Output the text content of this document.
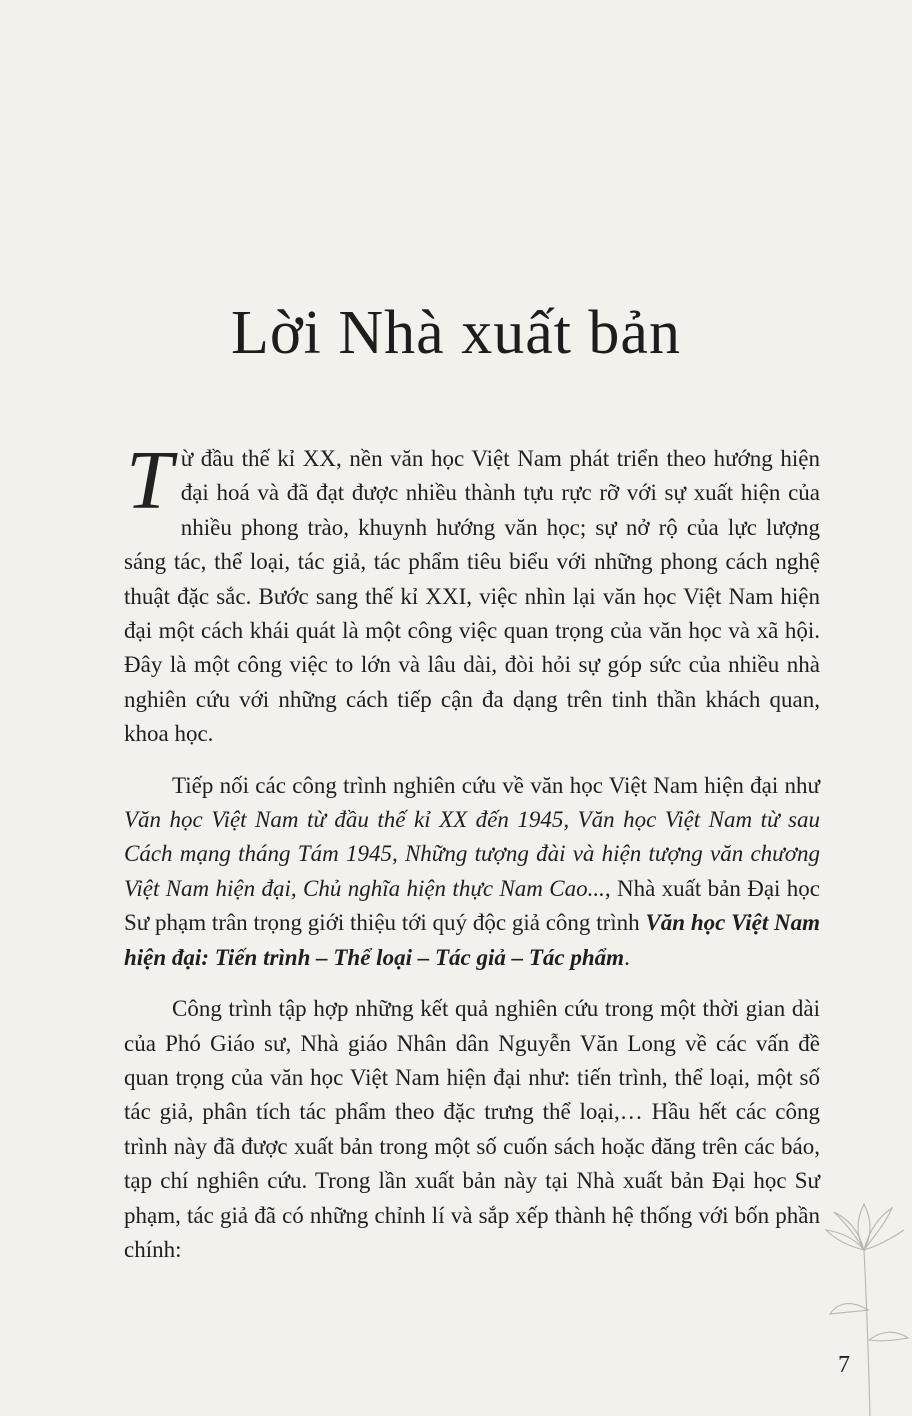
Lời Nhà xuất bản

Từ đầu thế kỉ XX, nền văn học Việt Nam phát triển theo hướng hiện đại hoá và đã đạt được nhiều thành tựu rực rỡ với sự xuất hiện của nhiều phong trào, khuynh hướng văn học; sự nở rộ của lực lượng sáng tác, thể loại, tác giả, tác phẩm tiêu biểu với những phong cách nghệ thuật đặc sắc. Bước sang thế kỉ XXI, việc nhìn lại văn học Việt Nam hiện đại một cách khái quát là một công việc quan trọng của văn học và xã hội. Đây là một công việc to lớn và lâu dài, đòi hỏi sự góp sức của nhiều nhà nghiên cứu với những cách tiếp cận đa dạng trên tinh thần khách quan, khoa học.

Tiếp nối các công trình nghiên cứu về văn học Việt Nam hiện đại như Văn học Việt Nam từ đầu thế kỉ XX đến 1945, Văn học Việt Nam từ sau Cách mạng tháng Tám 1945, Những tượng đài và hiện tượng văn chương Việt Nam hiện đại, Chủ nghĩa hiện thực Nam Cao..., Nhà xuất bản Đại học Sư phạm trân trọng giới thiệu tới quý độc giả công trình Văn học Việt Nam hiện đại: Tiến trình – Thể loại – Tác giả – Tác phẩm.

Công trình tập hợp những kết quả nghiên cứu trong một thời gian dài của Phó Giáo sư, Nhà giáo Nhân dân Nguyễn Văn Long về các vấn đề quan trọng của văn học Việt Nam hiện đại như: tiến trình, thể loại, một số tác giả, phân tích tác phẩm theo đặc trưng thể loại,… Hầu hết các công trình này đã được xuất bản trong một số cuốn sách hoặc đăng trên các báo, tạp chí nghiên cứu. Trong lần xuất bản này tại Nhà xuất bản Đại học Sư phạm, tác giả đã có những chỉnh lí và sắp xếp thành hệ thống với bốn phần chính:

7
